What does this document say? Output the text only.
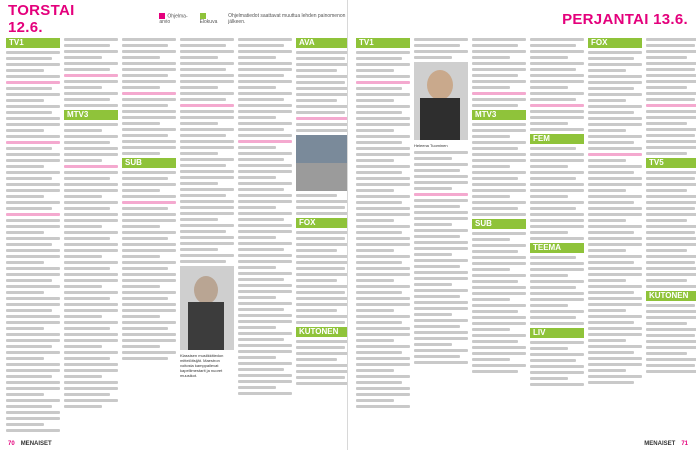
TORSTAI 12.6.
Ohjelma-arvio	Elokuva
Ohjelmatiedot saattavat muuttua lehden painomenon jälkeen.
TV1
MTV3
SUB
Klassisen musiikkitiedon mittelöitsijät. Maestron voitosta kamppailevat kapellimestarit ja nuoret muusikot.
AVA
FOX
KUTONEN
70 MENAISET
PERJANTAI 13.6.
TV1
Heleena Tuominen
MTV3
SUB
FEM
TEEMA
LIV
FOX
TV5
KUTONEN
MENAISET 71
